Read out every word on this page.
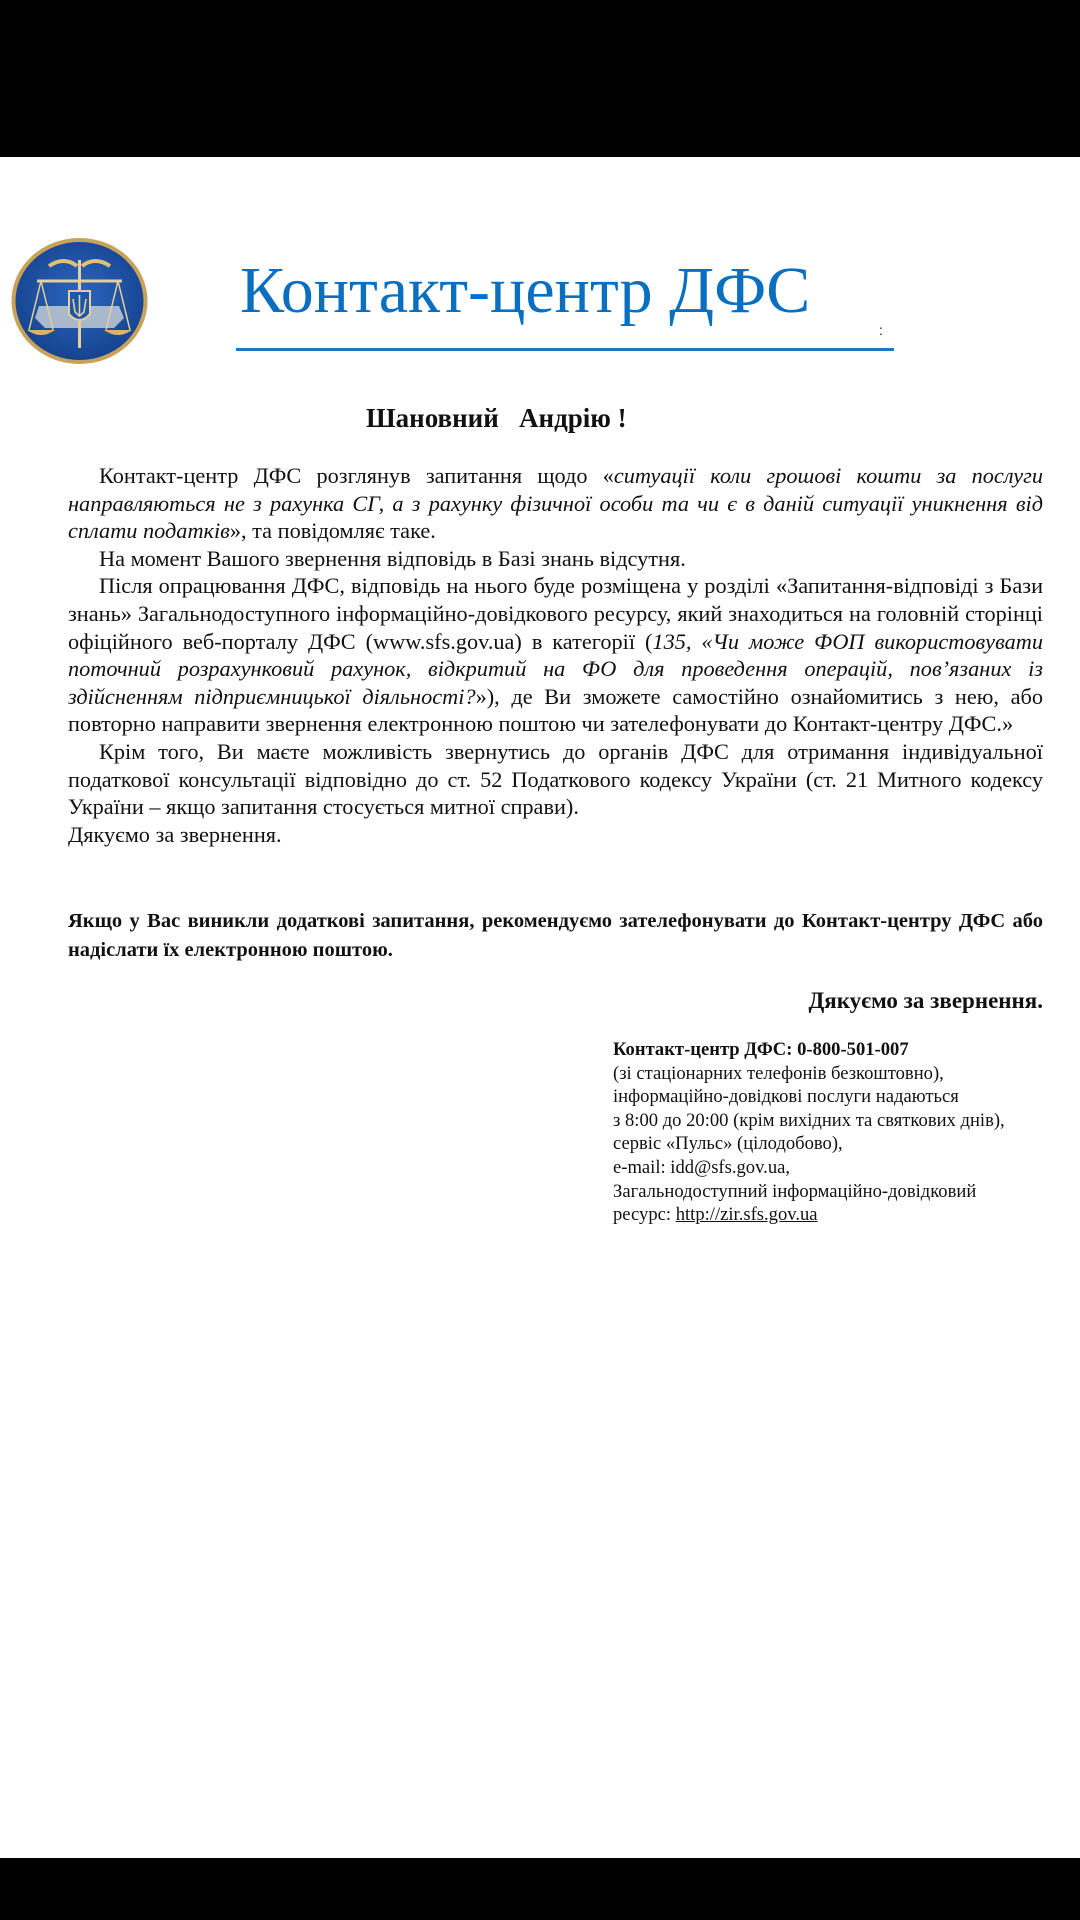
Контакт-центр ДФС
:
Шановний   Андрію !

Контакт-центр ДФС розглянув запитання щодо «ситуації коли грошові кошти за послуги направляються не з рахунка СГ, а з рахунку фізичної особи та чи є в даній ситуації уникнення від сплати податків», та повідомляє таке.

На момент Вашого звернення відповідь в Базі знань відсутня.

Після опрацювання ДФС, відповідь на нього буде розміщена у розділі «Запитання-відповіді з Бази знань» Загальнодоступного інформаційно-довідкового ресурсу, який знаходиться на головній сторінці офіційного веб-порталу ДФС (www.sfs.gov.ua) в категорії (135, «Чи може ФОП використовувати поточний розрахунковий рахунок, відкритий на ФО для проведення операцій, пов’язаних із здійсненням підприємницької діяльності?»), де Ви зможете самостійно ознайомитись з нею, або повторно направити звернення електронною поштою чи зателефонувати до Контакт-центру ДФС.»

Крім того, Ви маєте можливість звернутись до органів ДФС для отримання індивідуальної податкової консультації відповідно до ст. 52 Податкового кодексу України (ст. 21 Митного кодексу України – якщо запитання стосується митної справи).

Дякуємо за звернення.

Якщо у Вас виникли додаткові запитання, рекомендуємо зателефонувати до Контакт-центру ДФС або надіслати їх електронною поштою.
Дякуємо за звернення.
Контакт-центр ДФС: 0-800-501-007
(зі стаціонарних телефонів безкоштовно),
інформаційно-довідкові послуги надаються
з 8:00 до 20:00 (крім вихідних та святкових днів),
сервіс «Пульс» (цілодобово),
e-mail: idd@sfs.gov.ua,
Загальнодоступний інформаційно-довідковий
ресурс: http://zir.sfs.gov.ua
